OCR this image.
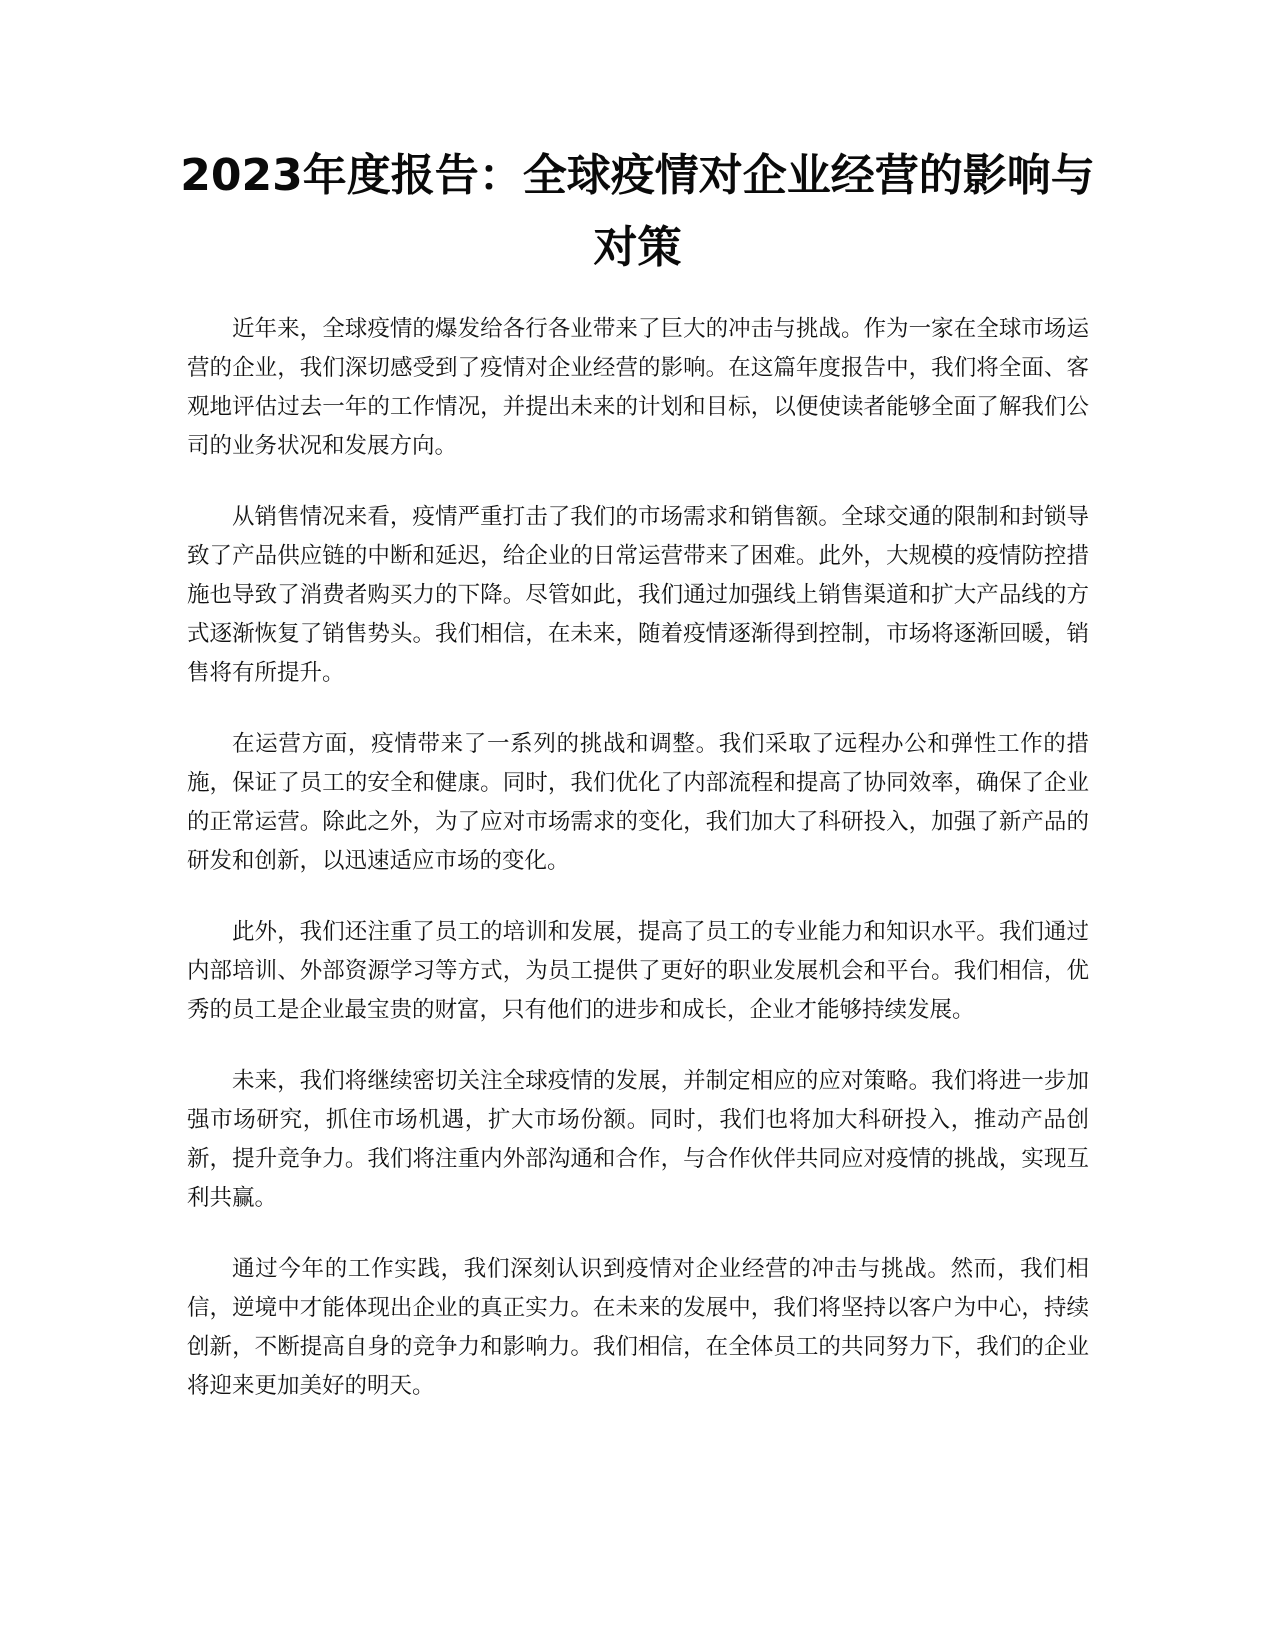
2023年度报告：全球疫情对企业经营的影响与对策

近年来，全球疫情的爆发给各行各业带来了巨大的冲击与挑战。作为一家在全球市场运营的企业，我们深切感受到了疫情对企业经营的影响。在这篇年度报告中，我们将全面、客观地评估过去一年的工作情况，并提出未来的计划和目标，以便使读者能够全面了解我们公司的业务状况和发展方向。

从销售情况来看，疫情严重打击了我们的市场需求和销售额。全球交通的限制和封锁导致了产品供应链的中断和延迟，给企业的日常运营带来了困难。此外，大规模的疫情防控措施也导致了消费者购买力的下降。尽管如此，我们通过加强线上销售渠道和扩大产品线的方式逐渐恢复了销售势头。我们相信，在未来，随着疫情逐渐得到控制，市场将逐渐回暖，销售将有所提升。

在运营方面，疫情带来了一系列的挑战和调整。我们采取了远程办公和弹性工作的措施，保证了员工的安全和健康。同时，我们优化了内部流程和提高了协同效率，确保了企业的正常运营。除此之外，为了应对市场需求的变化，我们加大了科研投入，加强了新产品的研发和创新，以迅速适应市场的变化。

此外，我们还注重了员工的培训和发展，提高了员工的专业能力和知识水平。我们通过内部培训、外部资源学习等方式，为员工提供了更好的职业发展机会和平台。我们相信，优秀的员工是企业最宝贵的财富，只有他们的进步和成长，企业才能够持续发展。

未来，我们将继续密切关注全球疫情的发展，并制定相应的应对策略。我们将进一步加强市场研究，抓住市场机遇，扩大市场份额。同时，我们也将加大科研投入，推动产品创新，提升竞争力。我们将注重内外部沟通和合作，与合作伙伴共同应对疫情的挑战，实现互利共赢。

通过今年的工作实践，我们深刻认识到疫情对企业经营的冲击与挑战。然而，我们相信，逆境中才能体现出企业的真正实力。在未来的发展中，我们将坚持以客户为中心，持续创新，不断提高自身的竞争力和影响力。我们相信，在全体员工的共同努力下，我们的企业将迎来更加美好的明天。
